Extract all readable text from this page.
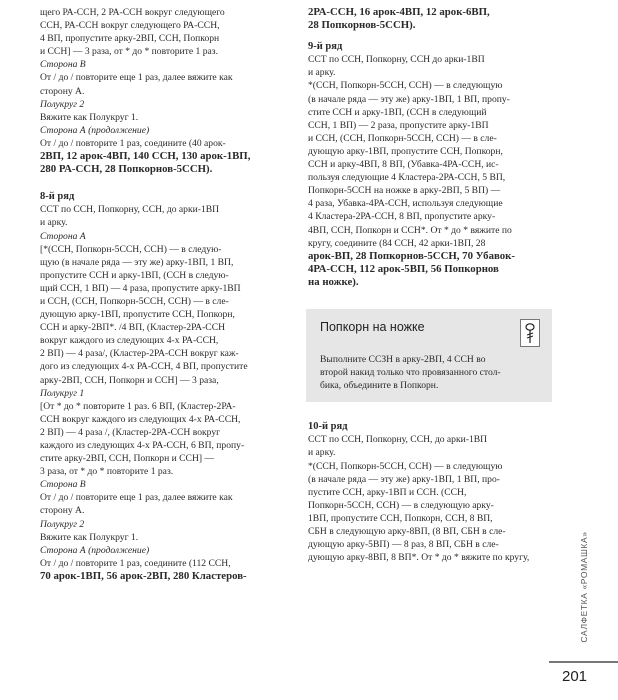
щего РА-ССН, 2 РА-ССН вокруг следующего
ССН, РА-ССН вокруг следующего РА-ССН,
4 ВП, пропустите арку-2ВП, ССН, Попкорн
и ССН] — 3 раза, от * до * повторите 1 раз.
Сторона В
От / до / повторите еще 1 раз, далее вяжите как
сторону А.
Полукруг 2
Вяжите как Полукруг 1.
Сторона А (продолжение)
От / до / повторите 1 раз, соедините (40 арок-
2ВП, 12 арок-4ВП, 140 ССН, 130 арок-1ВП,
280 РА-ССН, 28 Попкорнов-5ССН).
8-й ряд
ССТ по ССН, Попкорну, ССН, до арки-1ВП
и арку.
Сторона А
[*(ССН, Попкорн-5ССН, ССН) — в следую-
щую (в начале ряда — эту же) арку-1ВП, 1 ВП,
пропустите ССН и арку-1ВП, (ССН в следую-
щий ССН, 1 ВП) — 4 раза, пропустите арку-1ВП
и ССН, (ССН, Попкорн-5ССН, ССН) — в сле-
дующую арку-1ВП, пропустите ССН, Попкорн,
ССН и арку-2ВП*. /4 ВП, (Кластер-2РА-ССН
вокруг каждого из следующих 4-х РА-ССН,
2 ВП) — 4 раза/, (Кластер-2РА-ССН вокруг каж-
дого из следующих 4-х РА-ССН, 4 ВП, пропустите
арку-2ВП, ССН, Попкорн и ССН] — 3 раза,
Полукруг 1
[От * до * повторите 1 раз. 6 ВП, (Кластер-2РА-
ССН вокруг каждого из следующих 4-х РА-ССН,
2 ВП) — 4 раза /, (Кластер-2РА-ССН вокруг
каждого из следующих 4-х РА-ССН, 6 ВП, пропу-
стите арку-2ВП, ССН, Попкорн и ССН] —
3 раза, от * до * повторите 1 раз.
Сторона В
От / до / повторите еще 1 раз, далее вяжите как
сторону А.
Полукруг 2
Вяжите как Полукруг 1.
Сторона А (продолжение)
От / до / повторите 1 раз, соедините (112 ССН,
70 арок-1ВП, 56 арок-2ВП, 280 Кластеров-
2РА-ССН, 16 арок-4ВП, 12 арок-6ВП,
28 Попкорнов-5ССН).
9-й ряд
ССТ по ССН, Попкорну, ССН до арки-1ВП
и арку.
*(ССН, Попкорн-5ССН, ССН) — в следующую
(в начале ряда — эту же) арку-1ВП, 1 ВП, пропу-
стите ССН и арку-1ВП, (ССН в следующий
ССН, 1 ВП) — 2 раза, пропустите арку-1ВП
и ССН, (ССН, Попкорн-5ССН, ССН) — в сле-
дующую арку-1ВП, пропустите ССН, Попкорн,
ССН и арку-4ВП, 8 ВП, (Убавка-4РА-ССН, ис-
пользуя следующие 4 Кластера-2РА-ССН, 5 ВП,
Попкорн-5ССН на ножке в арку-2ВП, 5 ВП) —
4 раза, Убавка-4РА-ССН, используя следующие
4 Кластера-2РА-ССН, 8 ВП, пропустите арку-
4ВП, ССН, Попкорн и ССН*. От * до * вяжите по
кругу, соедините (84 ССН, 42 арки-1ВП, 28
арок-ВП, 28 Попкорнов-5ССН, 70 Убавок-
4РА-ССН, 112 арок-5ВП, 56 Попкорнов
на ножке).
Попкорн на ножке
Выполните ССЗН в арку-2ВП, 4 ССН во
второй накид только что провязанного стол-
бика, объедините в Попкорн.
10-й ряд
ССТ по ССН, Попкорну, ССН, до арки-1ВП
и арку.
*(ССН, Попкорн-5ССН, ССН) — в следующую
(в начале ряда — эту же) арку-1ВП, 1 ВП, про-
пустите ССН, арку-1ВП и ССН. (ССН,
Попкорн-5ССН, ССН) — в следующую арку-
1ВП, пропустите ССН, Попкорн, ССН, 8 ВП,
СБН в следующую арку-8ВП, (8 ВП, СБН в сле-
дующую арку-5ВП) — 8 раз, 8 ВП, СБН в сле-
дующую арку-8ВП, 8 ВП*. От * до * вяжите по кругу,	САЛФЕТКА «РОМАШКА»
201
